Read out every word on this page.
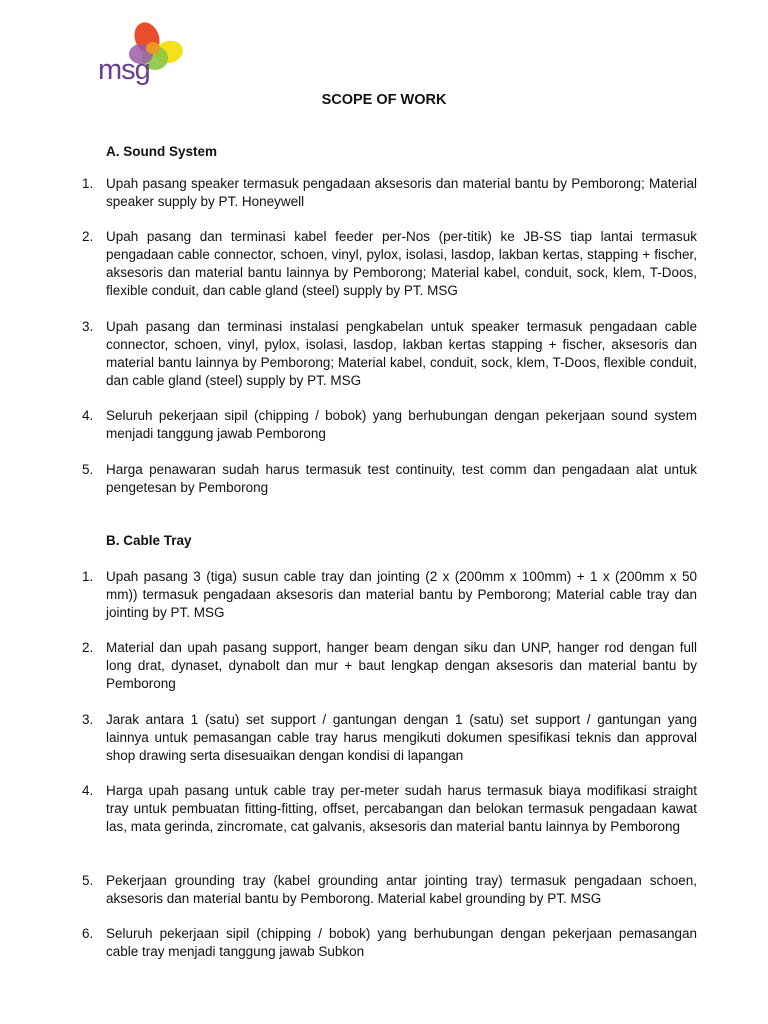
msg
SCOPE OF WORK
A. Sound System
1. Upah pasang speaker termasuk pengadaan aksesoris dan material bantu by Pemborong; Material speaker supply by PT. Honeywell
2. Upah pasang dan terminasi kabel feeder per-Nos (per-titik) ke JB-SS tiap lantai termasuk pengadaan cable connector, schoen, vinyl, pylox, isolasi, lasdop, lakban kertas, stapping + fischer, aksesoris dan material bantu lainnya by Pemborong; Material kabel, conduit, sock, klem, T-Doos, flexible conduit, dan cable gland (steel) supply by PT. MSG
3. Upah pasang dan terminasi instalasi pengkabelan untuk speaker termasuk pengadaan cable connector, schoen, vinyl, pylox, isolasi, lasdop, lakban kertas stapping + fischer, aksesoris dan material bantu lainnya by Pemborong; Material kabel, conduit, sock, klem, T-Doos, flexible conduit, dan cable gland (steel) supply by PT. MSG
4. Seluruh pekerjaan sipil (chipping / bobok) yang berhubungan dengan pekerjaan sound system menjadi tanggung jawab Pemborong
5. Harga penawaran sudah harus termasuk test continuity, test comm dan pengadaan alat untuk pengetesan by Pemborong
B. Cable Tray
1. Upah pasang 3 (tiga) susun cable tray dan jointing (2 x (200mm x 100mm) + 1 x (200mm x 50 mm)) termasuk pengadaan aksesoris dan material bantu by Pemborong; Material cable tray dan jointing by PT. MSG
2. Material dan upah pasang support, hanger beam dengan siku dan UNP, hanger rod dengan full long drat, dynaset, dynabolt dan mur + baut lengkap dengan aksesoris dan material bantu by Pemborong
3. Jarak antara 1 (satu) set support / gantungan dengan 1 (satu) set support / gantungan yang lainnya untuk pemasangan cable tray harus mengikuti dokumen spesifikasi teknis dan approval shop drawing serta disesuaikan dengan kondisi di lapangan
4. Harga upah pasang untuk cable tray per-meter sudah harus termasuk biaya modifikasi straight tray untuk pembuatan fitting-fitting, offset, percabangan dan belokan termasuk pengadaan kawat las, mata gerinda, zincromate, cat galvanis, aksesoris dan material bantu lainnya by Pemborong
5. Pekerjaan grounding tray (kabel grounding antar jointing tray) termasuk pengadaan schoen, aksesoris dan material bantu by Pemborong. Material kabel grounding by PT. MSG
6. Seluruh pekerjaan sipil (chipping / bobok) yang berhubungan dengan pekerjaan pemasangan cable tray menjadi tanggung jawab Subkon
